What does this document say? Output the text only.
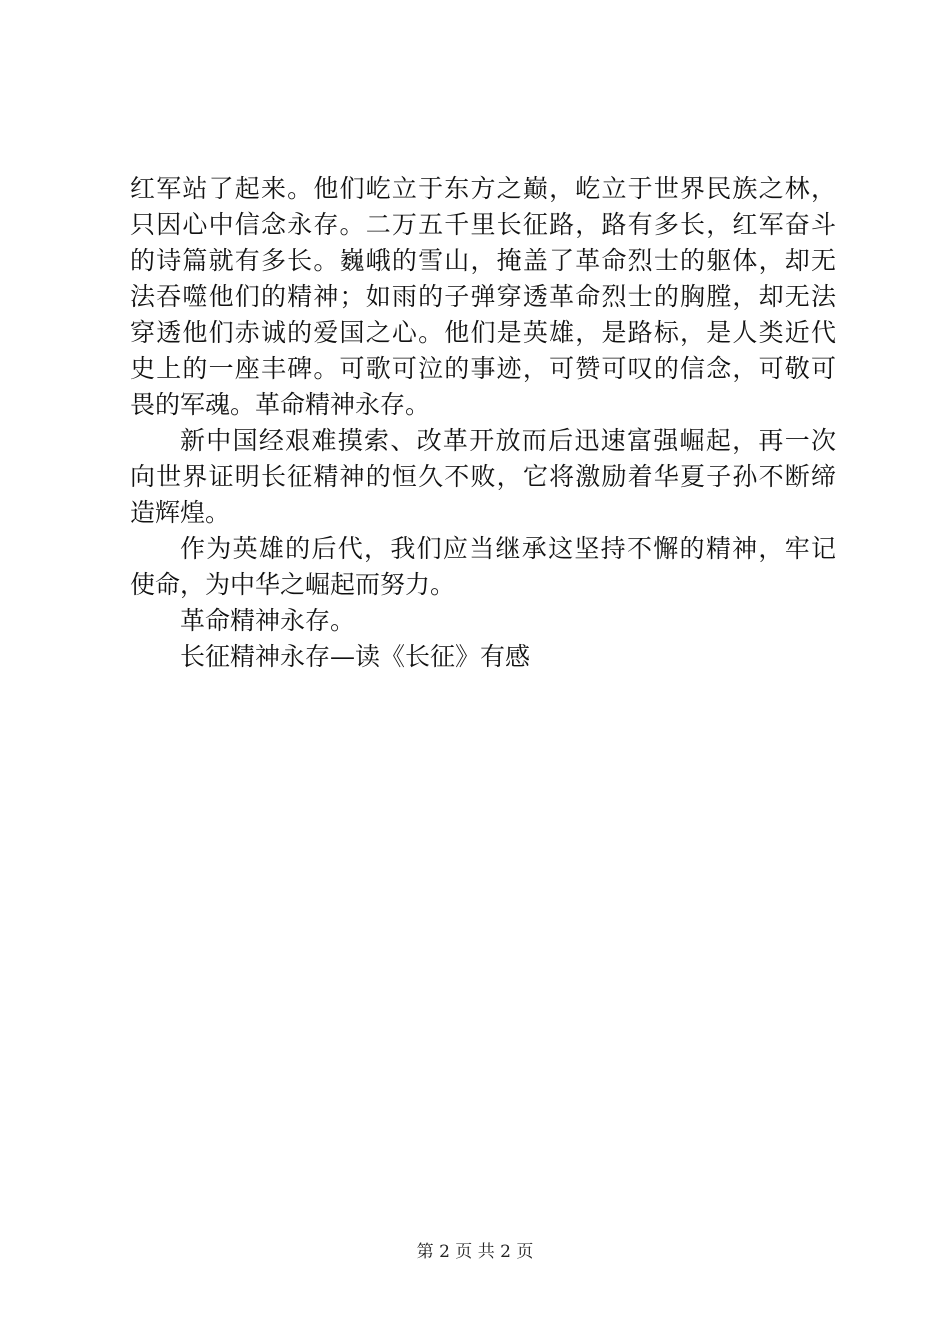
红军站了起来。他们屹立于东方之巅，屹立于世界民族之林，
只因心中信念永存。二万五千里长征路，路有多长，红军奋斗
的诗篇就有多长。巍峨的雪山，掩盖了革命烈士的躯体，却无
法吞噬他们的精神；如雨的子弹穿透革命烈士的胸膛，却无法
穿透他们赤诚的爱国之心。他们是英雄，是路标，是人类近代
史上的一座丰碑。可歌可泣的事迹，可赞可叹的信念，可敬可
畏的军魂。革命精神永存。
新中国经艰难摸索、改革开放而后迅速富强崛起，再一次
向世界证明长征精神的恒久不败，它将激励着华夏子孙不断缔
造辉煌。
作为英雄的后代，我们应当继承这坚持不懈的精神，牢记
使命，为中华之崛起而努力。
革命精神永存。
长征精神永存—读《长征》有感
第 2 页 共 2 页
